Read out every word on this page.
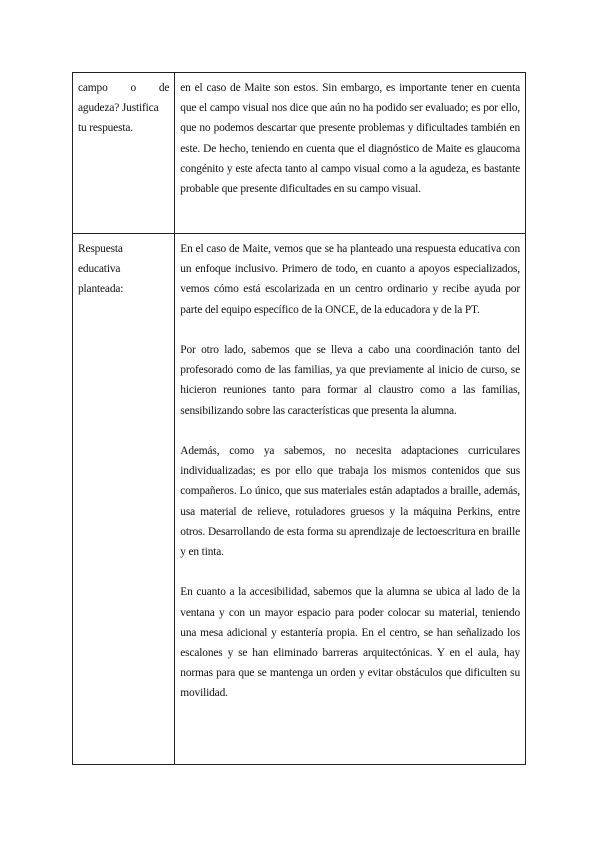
campo o de agudeza? Justifica
tu respuesta.	en el caso de Maite son estos. Sin embargo, es importante tener en cuenta que el campo visual nos dice que aún no ha podido ser evaluado; es por ello, que no podemos descartar que presente problemas y dificultades también en este. De hecho, teniendo en cuenta que el diagnóstico de Maite es glaucoma congénito y este afecta tanto al campo visual como a la agudeza, es bastante probable que presente dificultades en su campo visual.

Respuesta educativa planteada:	En el caso de Maite, vemos que se ha planteado una respuesta educativa con un enfoque inclusivo. Primero de todo, en cuanto a apoyos especializados, vemos cómo está escolarizada en un centro ordinario y recibe ayuda por parte del equipo específico de la ONCE, de la educadora y de la PT.

Por otro lado, sabemos que se lleva a cabo una coordinación tanto del profesorado como de las familias, ya que previamente al inicio de curso, se hicieron reuniones tanto para formar al claustro como a las familias, sensibilizando sobre las características que presenta la alumna.

Además, como ya sabemos, no necesita adaptaciones curriculares individualizadas; es por ello que trabaja los mismos contenidos que sus compañeros. Lo único, que sus materiales están adaptados a braille, además, usa material de relieve, rotuladores gruesos y la máquina Perkins, entre otros. Desarrollando de esta forma su aprendizaje de lectoescritura en braille y en tinta.

En cuanto a la accesibilidad, sabemos que la alumna se ubica al lado de la ventana y con un mayor espacio para poder colocar su material, teniendo una mesa adicional y estantería propia. En el centro, se han señalizado los escalones y se han eliminado barreras arquitectónicas. Y en el aula, hay normas para que se mantenga un orden y evitar obstáculos que dificulten su movilidad.
